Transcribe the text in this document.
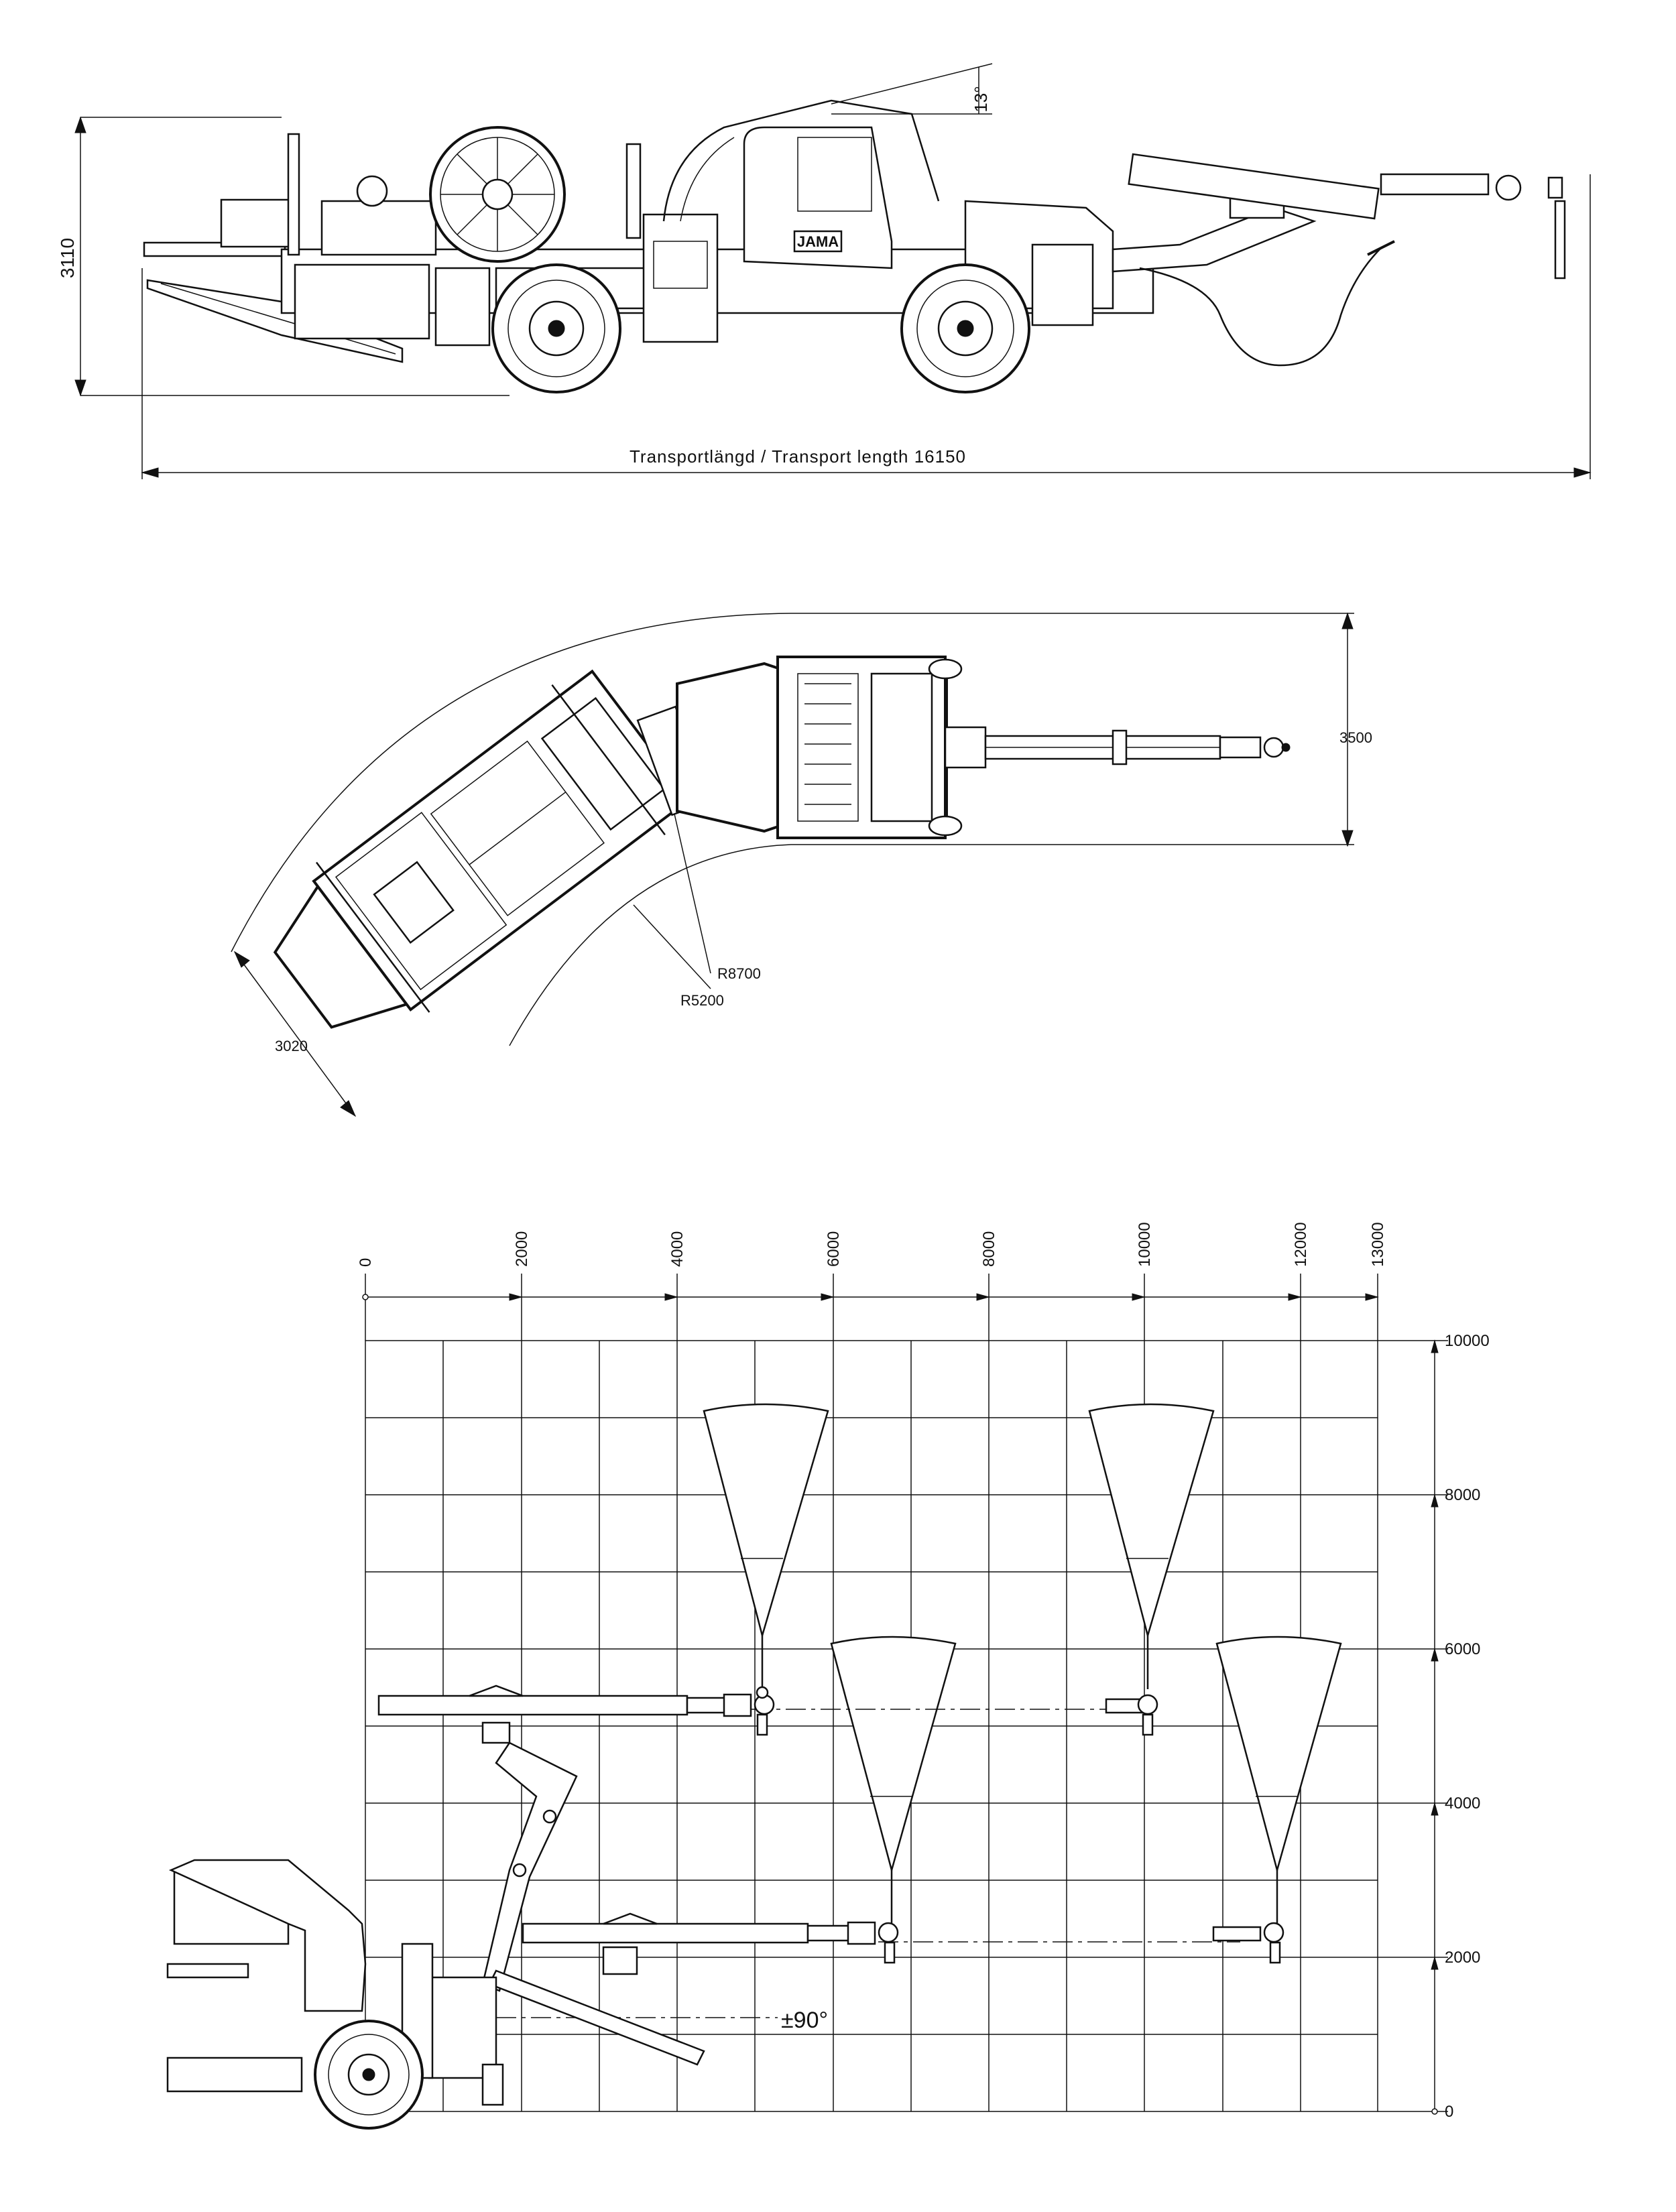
3110
Transportlängd / Transport length 16150
13°
JAMA
3500
3020
R8700
R5200
0	2000	4000	6000	8000	10000	12000	13000
10000
8000
6000
4000
2000
0
±90°
